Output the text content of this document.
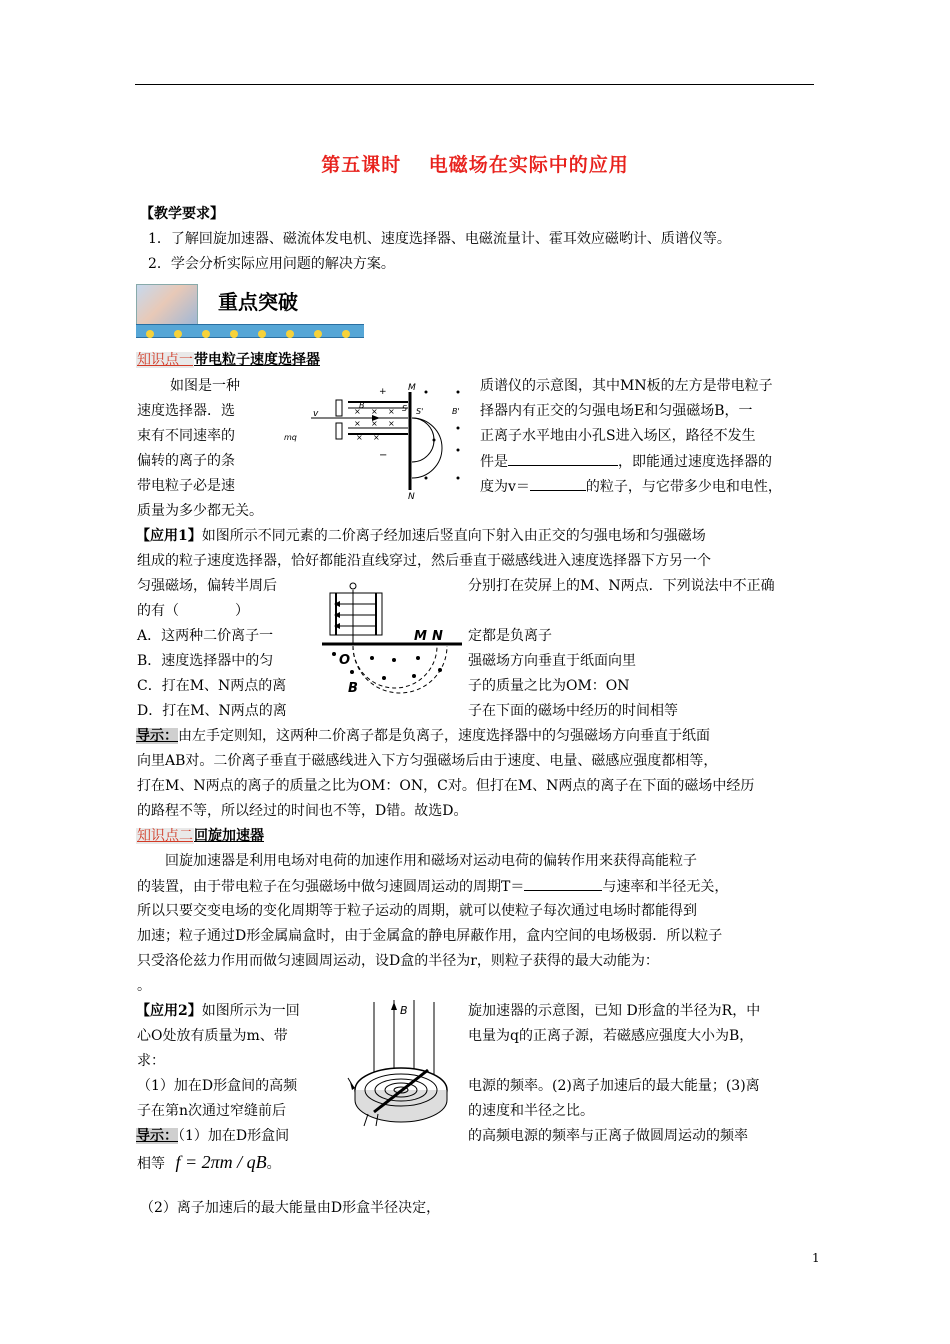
第五课时　 电磁场在实际中的应用
【教学要求】
1．了解回旋加速器、磁流体发电机、速度选择器、电磁流量计、霍耳效应磁哟计、质谱仪等。
2．学会分析实际应用问题的解决方案。
重点突破
知识点一带电粒子速度选择器
如图是一种
速度选择器．选
束有不同速率的
偏转的离子的条
带电粒子必是速
质量为多少都无关。
质谱仪的示意图，其中MN板的左方是带电粒子
择器内有正交的匀强电场E和匀强磁场B，一
正离子水平地由小孔S进入场区，路径不发生
件是	，即能通过速度选择器的
度为v＝	的粒子，与它带多少电和电性，
× × ×
× × ×
× ×
+
−
v
mq
B
M
N
S S'	B'
【应用1】如图所示不同元素的二价离子经加速后竖直向下射入由正交的匀强电场和匀强磁场
组成的粒子速度选择器，恰好都能沿直线穿过，然后垂直于磁感线进入速度选择器下方另一个
匀强磁场，偏转半周后
的有（　　　　）
A．这两种二价离子一
B．速度选择器中的匀
C．打在M、N两点的离
D．打在M、N两点的离
分别打在荧屏上的M、N两点．下列说法中不正确
定都是负离子
强磁场方向垂直于纸面向里
子的质量之比为OM：ON
子在下面的磁场中经历的时间相等
M N
O
B
导示：由左手定则知，这两种二价离子都是负离子，速度选择器中的匀强磁场方向垂直于纸面
向里AB对。二价离子垂直于磁感线进入下方匀强磁场后由于速度、电量、磁感应强度都相等，
打在M、N两点的离子的质量之比为OM：ON，C对。但打在M、N两点的离子在下面的磁场中经历
的路程不等，所以经过的时间也不等，D错。故选D。
知识点二回旋加速器
回旋加速器是利用电场对电荷的加速作用和磁场对运动电荷的偏转作用来获得高能粒子
的装置，由于带电粒子在匀强磁场中做匀速圆周运动的周期T＝	与速率和半径无关，
所以只要交变电场的变化周期等于粒子运动的周期，就可以使粒子每次通过电场时都能得到
加速；粒子通过D形金属扁盒时，由于金属盒的静电屏蔽作用，盒内空间的电场极弱．所以粒子
只受洛伦兹力作用而做匀速圆周运动，设D盒的半径为r，则粒子获得的最大动能为：
。
【应用2】如图所示为一回
心O处放有质量为m、带
求：
（1）加在D形盒间的高频
子在第n次通过窄缝前后
旋加速器的示意图，已知 D形盒的半径为R，中
电量为q的正离子源，若磁感应强度大小为B，
电源的频率。(2)离子加速后的最大能量；(3)离
的速度和半径之比。
B
导示：（1）加在D形盒间	的高频电源的频率与正离子做圆周运动的频率
相等 f = 2πm / qB。
（2）离子加速后的最大能量由D形盒半径决定，
1
